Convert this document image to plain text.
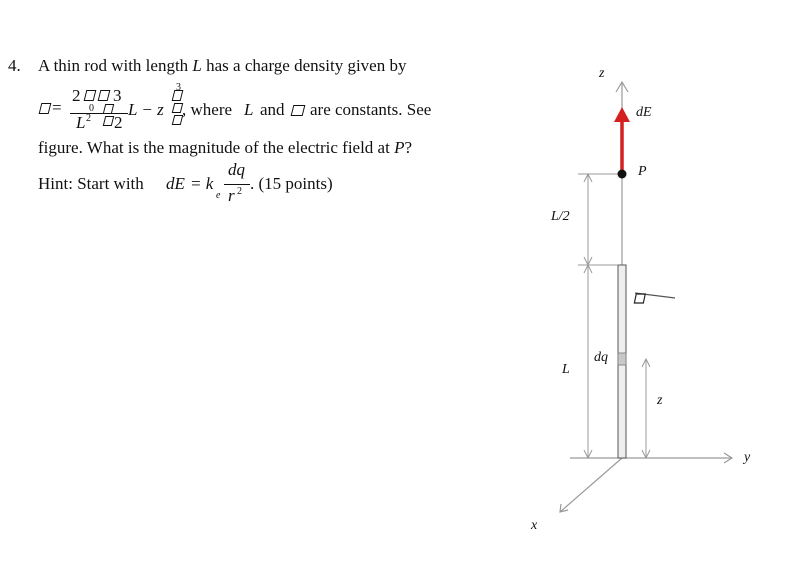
4. A thin rod with length L has a charge density given by
=
2 3
0
L 2 2
L − z
3
, where L and are constants. See
figure. What is the magnitude of the electric field at P?
Hint: Start with dE = k
e
dq
r 2 . (15 points)
z
dE
P
L/2
dq
L
z
y
x
